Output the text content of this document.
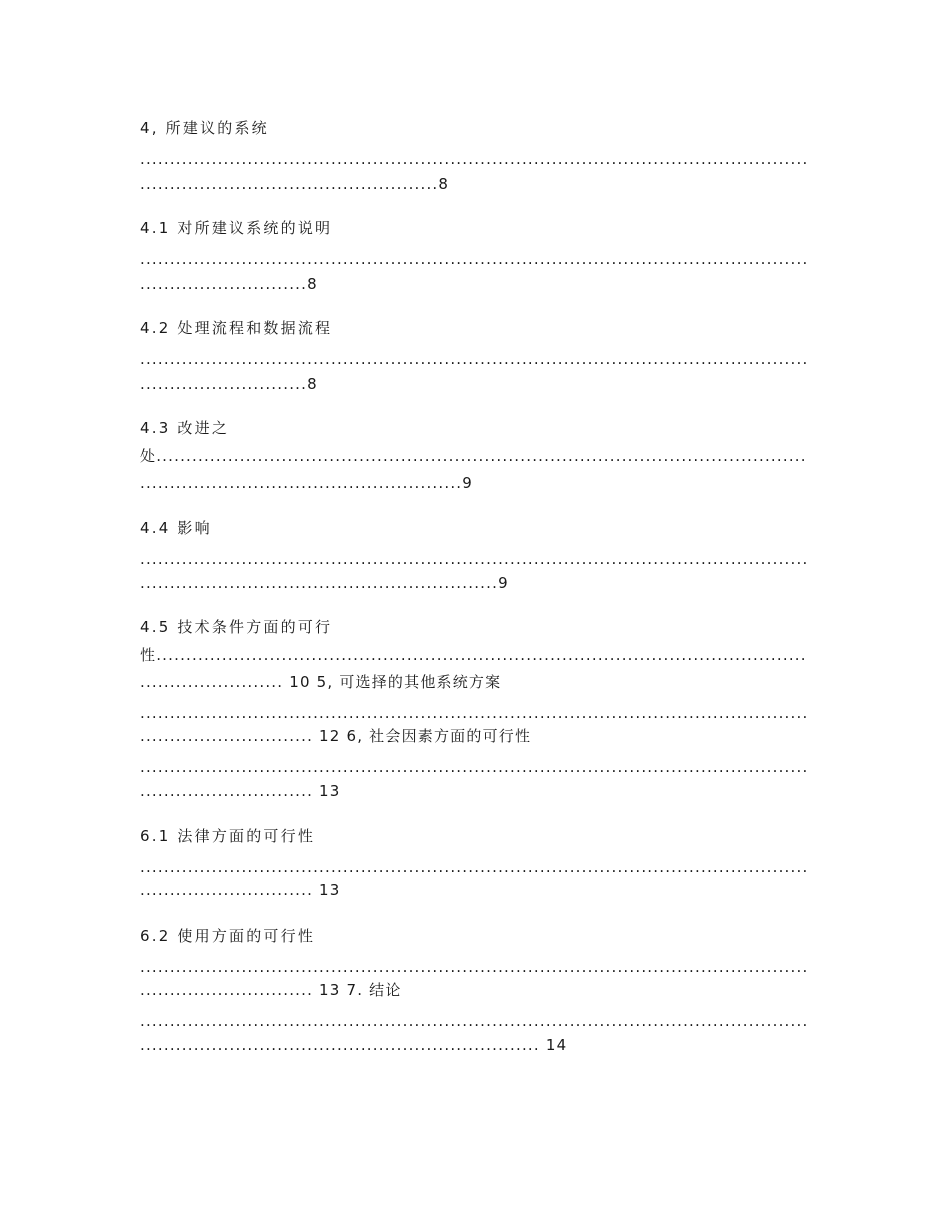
4, 所建议的系统
................................................................................................................
..................................................8
4.1 对所建议系统的说明
................................................................................................................
............................8
4.2 处理流程和数据流程
................................................................................................................
............................8
4.3 改进之
处.............................................................................................................
......................................................9
4.4 影响
................................................................................................................
............................................................9
4.5 技术条件方面的可行
性.............................................................................................................
........................ 10 5, 可选择的其他系统方案
................................................................................................................
............................. 12 6, 社会因素方面的可行性
................................................................................................................
............................. 13
6.1 法律方面的可行性
................................................................................................................
............................. 13
6.2 使用方面的可行性
................................................................................................................
............................. 13 7. 结论
................................................................................................................
................................................................... 14
